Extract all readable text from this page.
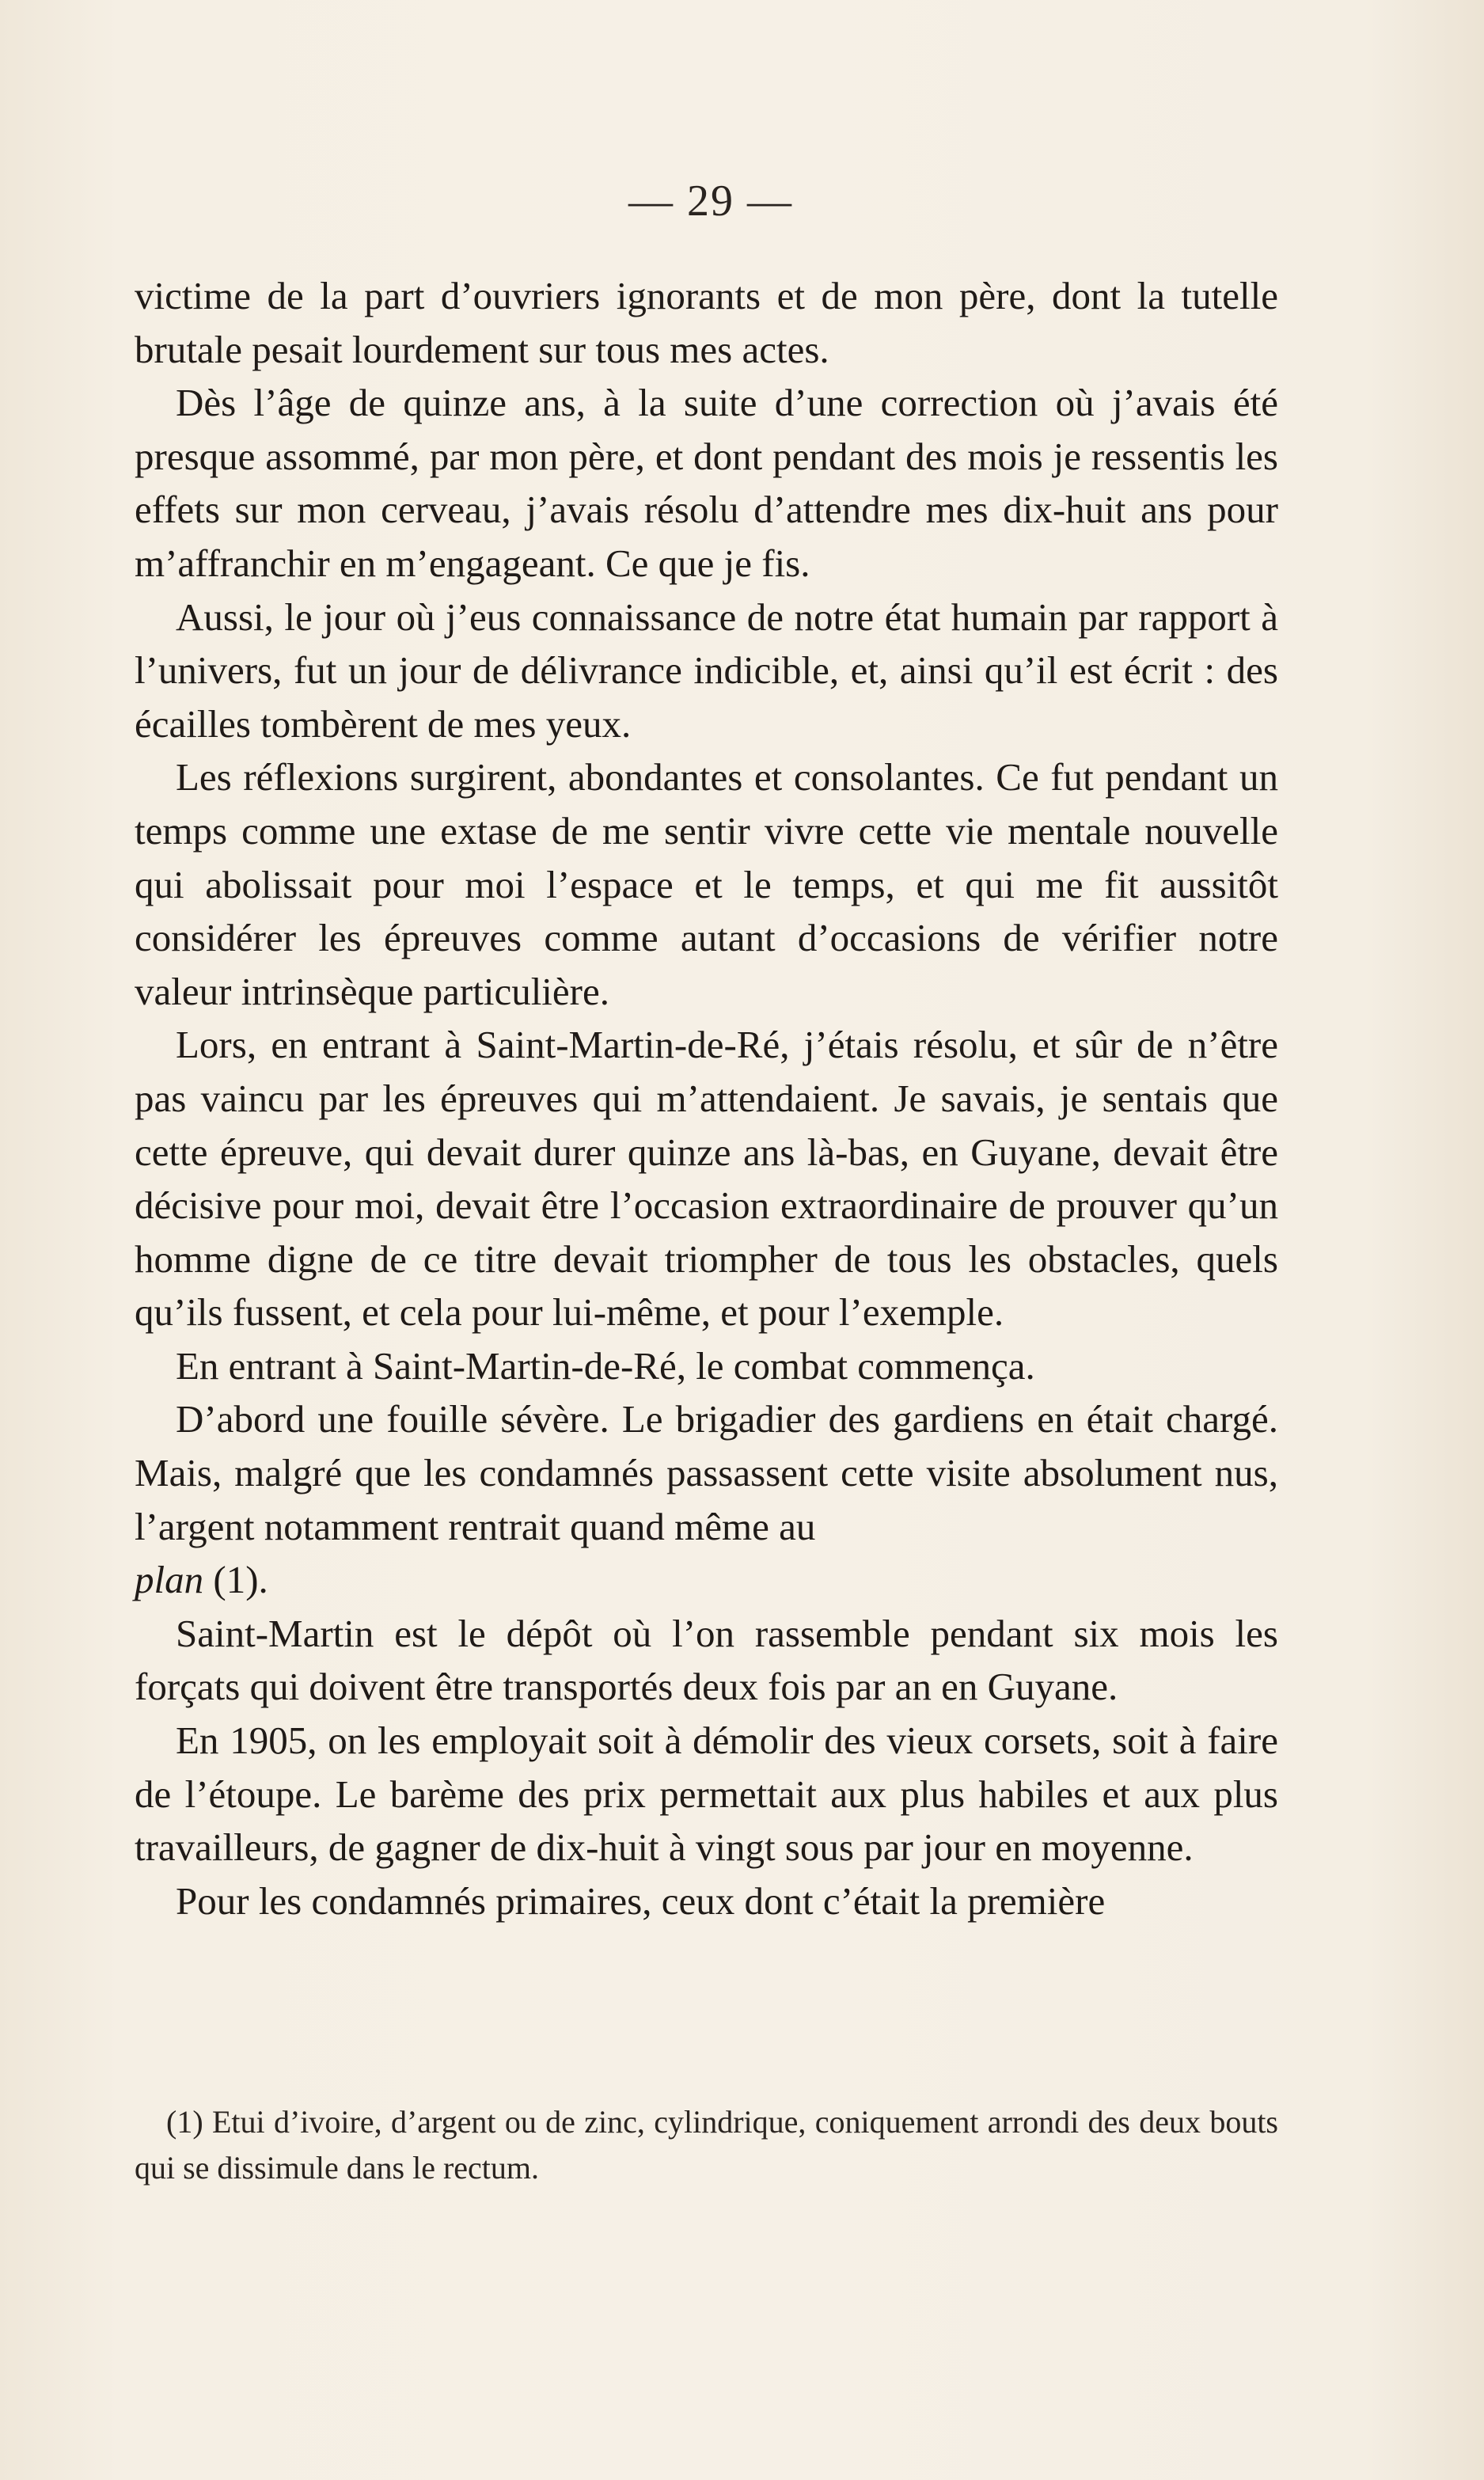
— 29 —

victime de la part d’ouvriers ignorants et de mon père, dont la tutelle brutale pesait lourdement sur tous mes actes.

Dès l’âge de quinze ans, à la suite d’une correction où j’avais été presque assommé, par mon père, et dont pendant des mois je ressentis les effets sur mon cerveau, j’avais résolu d’attendre mes dix-huit ans pour m’affranchir en m’engageant. Ce que je fis.

Aussi, le jour où j’eus connaissance de notre état humain par rapport à l’univers, fut un jour de délivrance indicible, et, ainsi qu’il est écrit : des écailles tombèrent de mes yeux.

Les réflexions surgirent, abondantes et consolantes. Ce fut pendant un temps comme une extase de me sentir vivre cette vie mentale nouvelle qui abolissait pour moi l’espace et le temps, et qui me fit aussitôt considérer les épreuves comme autant d’occasions de vérifier notre valeur intrinsèque particulière.

Lors, en entrant à Saint-Martin-de-Ré, j’étais résolu, et sûr de n’être pas vaincu par les épreuves qui m’attendaient. Je savais, je sentais que cette épreuve, qui devait durer quinze ans là-bas, en Guyane, devait être décisive pour moi, devait être l’occasion extraordinaire de prouver qu’un homme digne de ce titre devait triompher de tous les obstacles, quels qu’ils fussent, et cela pour lui-même, et pour l’exemple.

En entrant à Saint-Martin-de-Ré, le combat commença.

D’abord une fouille sévère. Le brigadier des gardiens en était chargé. Mais, malgré que les condamnés passassent cette visite absolument nus, l’argent notamment rentrait quand même au
plan (1).

Saint-Martin est le dépôt où l’on rassemble pendant six mois les forçats qui doivent être transportés deux fois par an en Guyane.

En 1905, on les employait soit à démolir des vieux corsets, soit à faire de l’étoupe. Le barème des prix permettait aux plus habiles et aux plus travailleurs, de gagner de dix-huit à vingt sous par jour en moyenne.

Pour les condamnés primaires, ceux dont c’était la première

(1) Etui d’ivoire, d’argent ou de zinc, cylindrique, coniquement arrondi des deux bouts qui se dissimule dans le rectum.
